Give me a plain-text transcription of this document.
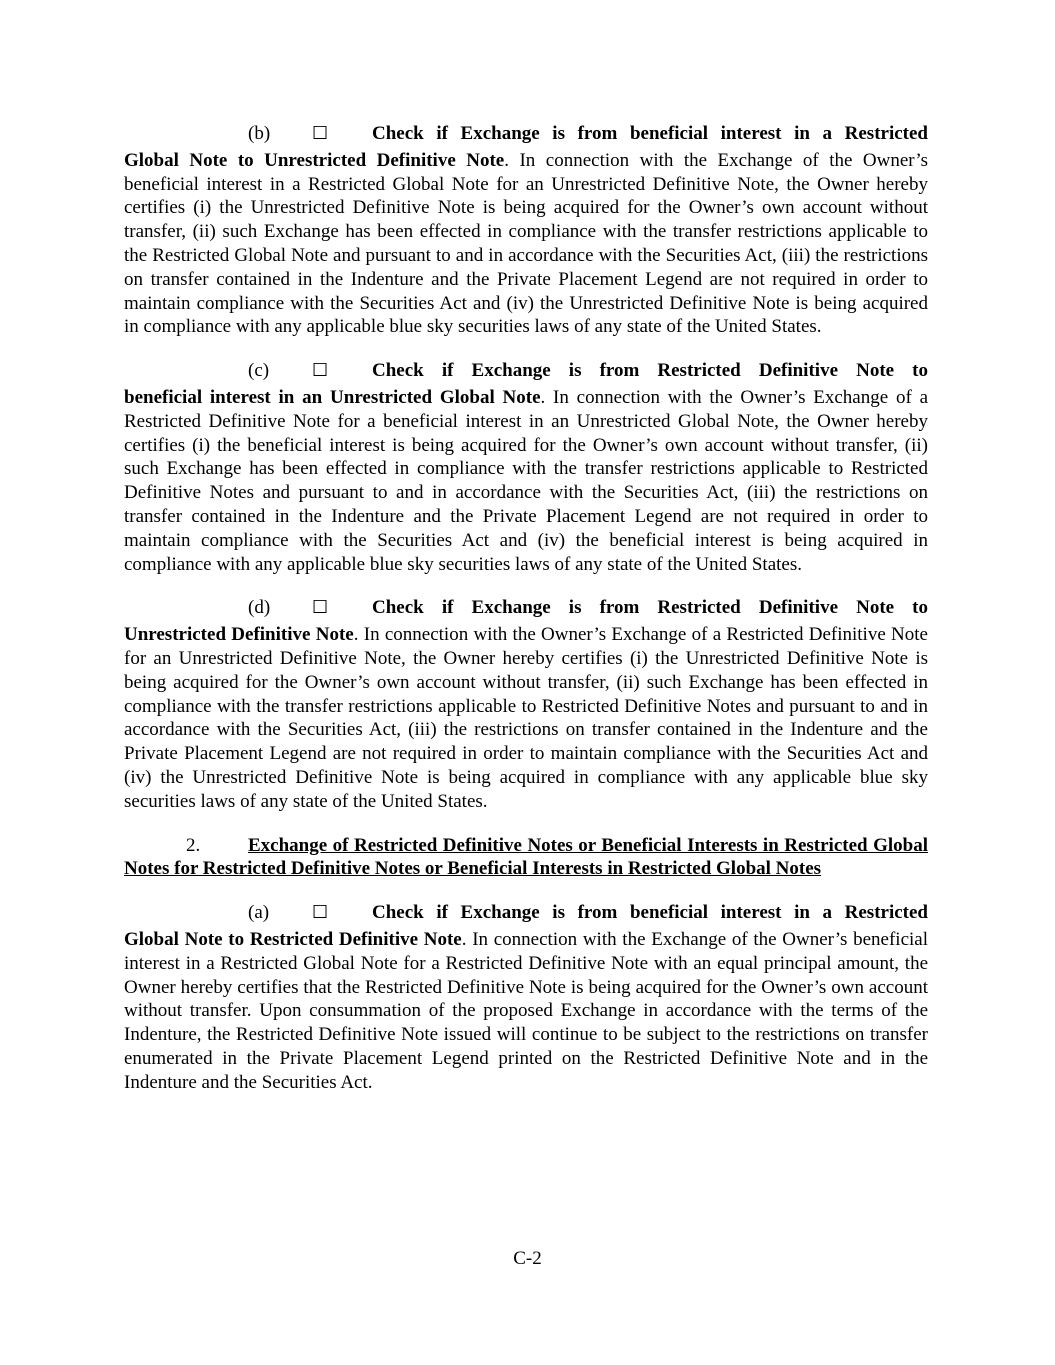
(b)	☐	Check if Exchange is from beneficial interest in a Restricted
Global Note to Unrestricted Definitive Note. In connection with the Exchange of the Owner’s beneficial interest in a Restricted Global Note for an Unrestricted Definitive Note, the Owner hereby certifies (i) the Unrestricted Definitive Note is being acquired for the Owner’s own account without transfer, (ii) such Exchange has been effected in compliance with the transfer restrictions applicable to the Restricted Global Note and pursuant to and in accordance with the Securities Act, (iii) the restrictions on transfer contained in the Indenture and the Private Placement Legend are not required in order to maintain compliance with the Securities Act and (iv) the Unrestricted Definitive Note is being acquired in compliance with any applicable blue sky securities laws of any state of the United States.
(c)	☐	Check if Exchange is from Restricted Definitive Note to
beneficial interest in an Unrestricted Global Note. In connection with the Owner’s Exchange of a Restricted Definitive Note for a beneficial interest in an Unrestricted Global Note, the Owner hereby certifies (i) the beneficial interest is being acquired for the Owner’s own account without transfer, (ii) such Exchange has been effected in compliance with the transfer restrictions applicable to Restricted Definitive Notes and pursuant to and in accordance with the Securities Act, (iii) the restrictions on transfer contained in the Indenture and the Private Placement Legend are not required in order to maintain compliance with the Securities Act and (iv) the beneficial interest is being acquired in compliance with any applicable blue sky securities laws of any state of the United States.
(d)	☐	Check if Exchange is from Restricted Definitive Note to
Unrestricted Definitive Note. In connection with the Owner’s Exchange of a Restricted Definitive Note for an Unrestricted Definitive Note, the Owner hereby certifies (i) the Unrestricted Definitive Note is being acquired for the Owner’s own account without transfer, (ii) such Exchange has been effected in compliance with the transfer restrictions applicable to Restricted Definitive Notes and pursuant to and in accordance with the Securities Act, (iii) the restrictions on transfer contained in the Indenture and the Private Placement Legend are not required in order to maintain compliance with the Securities Act and (iv) the Unrestricted Definitive Note is being acquired in compliance with any applicable blue sky securities laws of any state of the United States.
2.	Exchange of Restricted Definitive Notes or Beneficial Interests in Restricted Global Notes for Restricted Definitive Notes or Beneficial Interests in Restricted Global Notes
(a)	☐	Check if Exchange is from beneficial interest in a Restricted
Global Note to Restricted Definitive Note. In connection with the Exchange of the Owner’s beneficial interest in a Restricted Global Note for a Restricted Definitive Note with an equal principal amount, the Owner hereby certifies that the Restricted Definitive Note is being acquired for the Owner’s own account without transfer. Upon consummation of the proposed Exchange in accordance with the terms of the Indenture, the Restricted Definitive Note issued will continue to be subject to the restrictions on transfer enumerated in the Private Placement Legend printed on the Restricted Definitive Note and in the Indenture and the Securities Act.
C-2
